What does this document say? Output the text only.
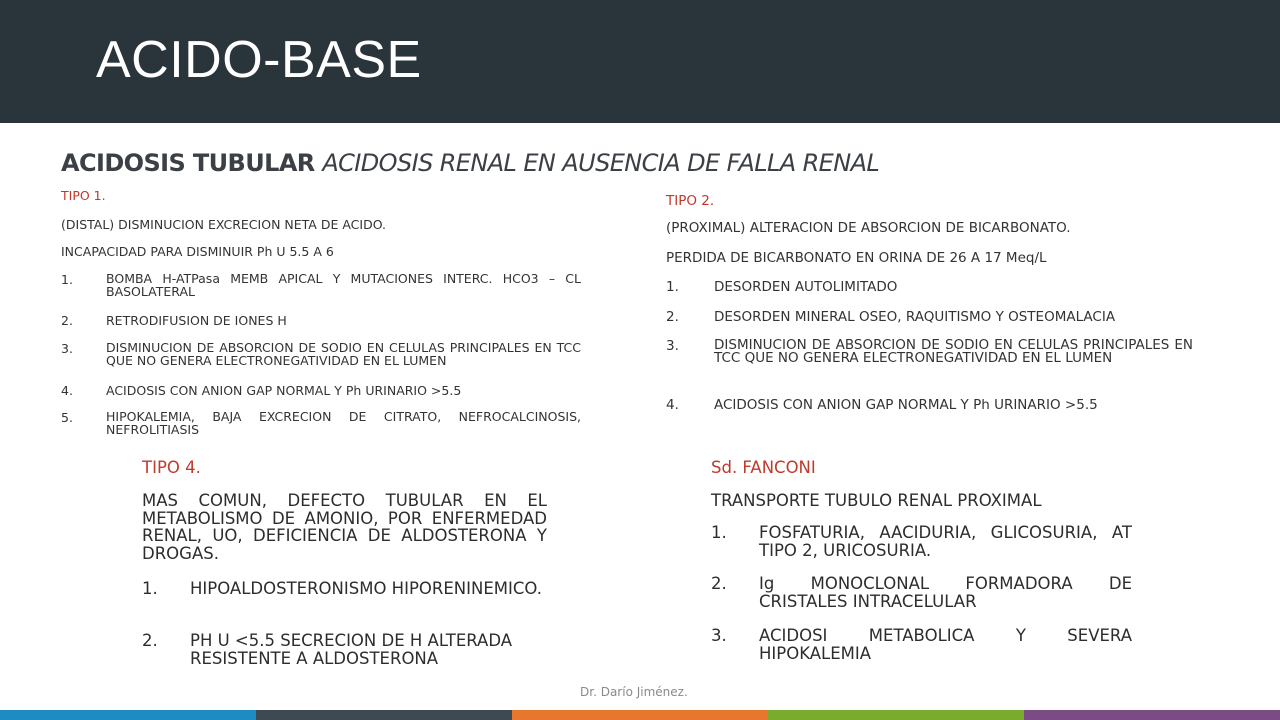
ACIDO-BASE
ACIDOSIS TUBULAR ACIDOSIS RENAL EN AUSENCIA DE FALLA RENAL
TIPO 1.
(DISTAL) DISMINUCION EXCRECION NETA DE ACIDO.
INCAPACIDAD PARA DISMINUIR Ph U 5.5 A 6
1.	BOMBA H-ATPasa MEMB APICAL Y MUTACIONES INTERC. HCO3 – CL BASOLATERAL
2.	RETRODIFUSION DE IONES H
3.	DISMINUCION DE ABSORCION DE SODIO EN CELULAS PRINCIPALES EN TCC QUE NO GENERA ELECTRONEGATIVIDAD EN EL LUMEN
4.	ACIDOSIS CON ANION GAP NORMAL Y Ph URINARIO >5.5
5.	HIPOKALEMIA, BAJA EXCRECION DE CITRATO, NEFROCALCINOSIS, NEFROLITIASIS
TIPO 2.
(PROXIMAL) ALTERACION DE ABSORCION DE BICARBONATO.
PERDIDA DE BICARBONATO EN ORINA DE 26 A 17 Meq/L
1.	DESORDEN AUTOLIMITADO
2.	DESORDEN MINERAL OSEO, RAQUITISMO Y OSTEOMALACIA
3.	DISMINUCION DE ABSORCION DE SODIO EN CELULAS PRINCIPALES EN TCC QUE NO GENERA ELECTRONEGATIVIDAD EN EL LUMEN
4.	ACIDOSIS CON ANION GAP NORMAL Y Ph URINARIO >5.5
TIPO 4.
MAS COMUN, DEFECTO TUBULAR EN EL METABOLISMO DE AMONIO, POR ENFERMEDAD RENAL, UO, DEFICIENCIA DE ALDOSTERONA Y DROGAS.
1. HIPOALDOSTERONISMO HIPORENINEMICO.
2. PH U <5.5 SECRECION DE H ALTERADA RESISTENTE A ALDOSTERONA
Sd. FANCONI
TRANSPORTE TUBULO RENAL PROXIMAL
1. FOSFATURIA, AACIDURIA, GLICOSURIA, AT TIPO 2, URICOSURIA.
2. Ig MONOCLONAL FORMADORA DE CRISTALES INTRACELULAR
3. ACIDOSI METABOLICA Y SEVERA HIPOKALEMIA
Dr. Darío Jiménez.
